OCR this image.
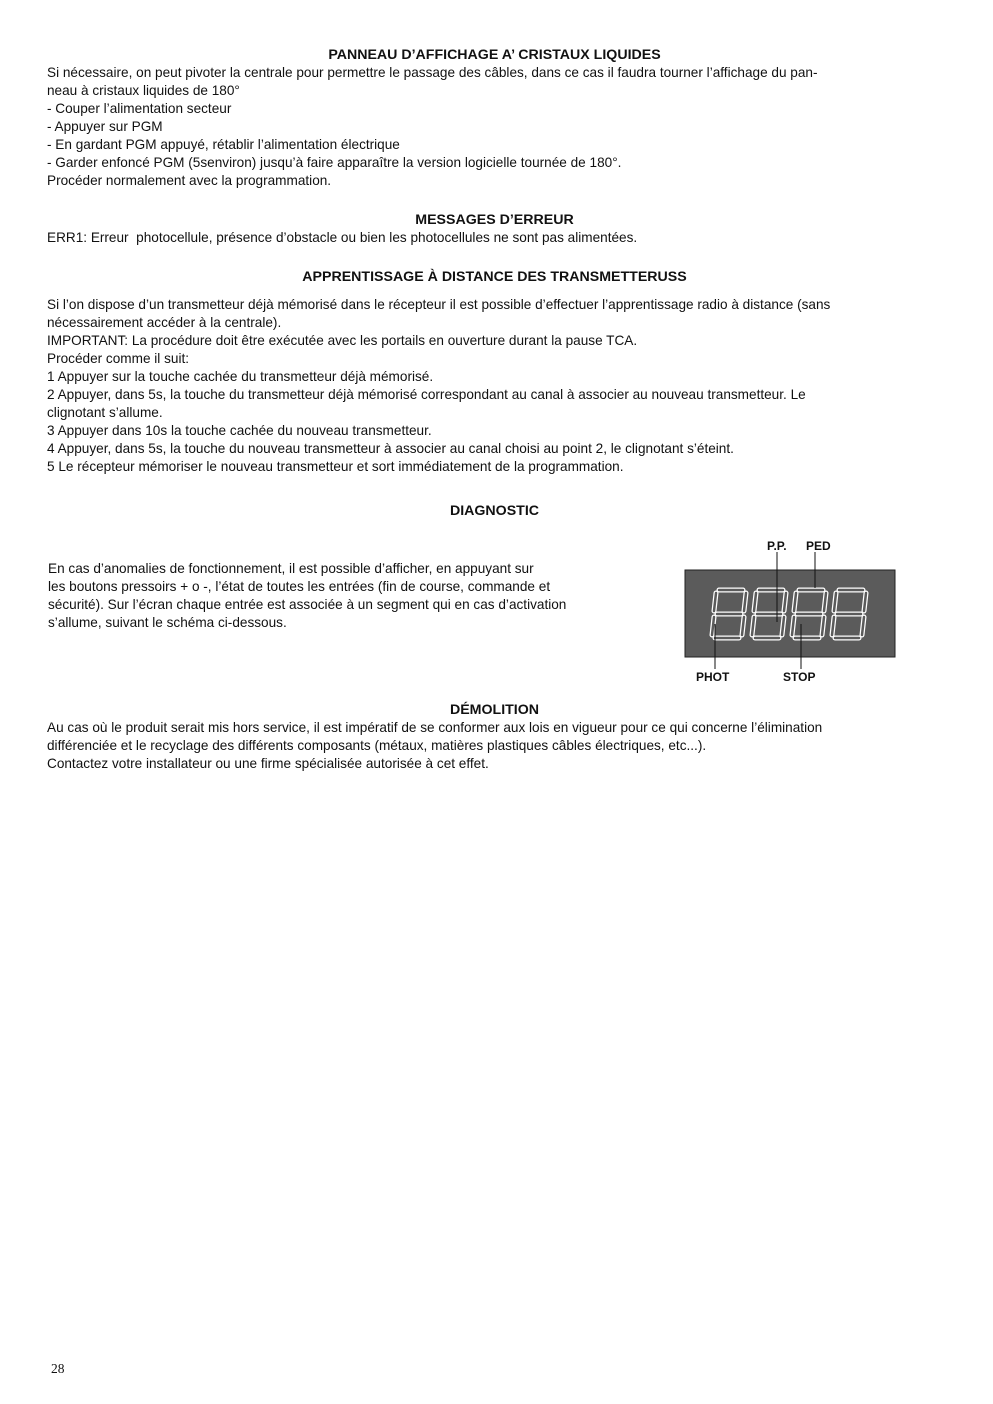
PANNEAU D’AFFICHAGE A’ CRISTAUX LIQUIDES

Si nécessaire, on peut pivoter la centrale pour permettre le passage des câbles, dans ce cas il faudra tourner l’affichage du pan-

neau à cristaux liquides de 180°

- Couper l’alimentation secteur

- Appuyer sur PGM

- En gardant PGM appuyé, rétablir l’alimentation électrique

- Garder enfoncé PGM (5senviron) jusqu’à faire apparaître la version logicielle tournée de 180°.

Procéder normalement avec la programmation.

MESSAGES D’ERREUR

ERR1: Erreur  photocellule, présence d’obstacle ou bien les photocellules ne sont pas alimentées.

APPRENTISSAGE À DISTANCE DES TRANSMETTERUSS

Si l’on dispose d’un transmetteur déjà mémorisé dans le récepteur il est possible d’effectuer l’apprentissage radio à distance (sans

nécessairement accéder à la centrale).

IMPORTANT: La procédure doit être exécutée avec les portails en ouverture durant la pause TCA.

Procéder comme il suit:

1 Appuyer sur la touche cachée du transmetteur déjà mémorisé.

2 Appuyer, dans 5s, la touche du transmetteur déjà mémorisé correspondant au canal à associer au nouveau transmetteur. Le

clignotant s’allume.

3 Appuyer dans 10s la touche cachée du nouveau transmetteur.

4 Appuyer, dans 5s, la touche du nouveau transmetteur à associer au canal choisi au point 2, le clignotant s’éteint.

5 Le récepteur mémoriser le nouveau transmetteur et sort immédiatement de la programmation.

DIAGNOSTIC

En cas d’anomalies de fonctionnement, il est possible d’afficher, en appuyant sur

les boutons pressoirs + o -, l’état de toutes les entrées (fin de course, commande et

sécurité). Sur l’écran chaque entrée est associée à un segment qui en cas d’activation

s’allume, suivant le schéma ci-dessous.

P.P. PED
PHOT	STOP
DÉMOLITION

Au cas où le produit serait mis hors service, il est impératif de se conformer aux lois en vigueur pour ce qui concerne l’élimination

différenciée et le recyclage des différents composants (métaux, matières plastiques câbles électriques, etc...).

Contactez votre installateur ou une firme spécialisée autorisée à cet effet.

28
